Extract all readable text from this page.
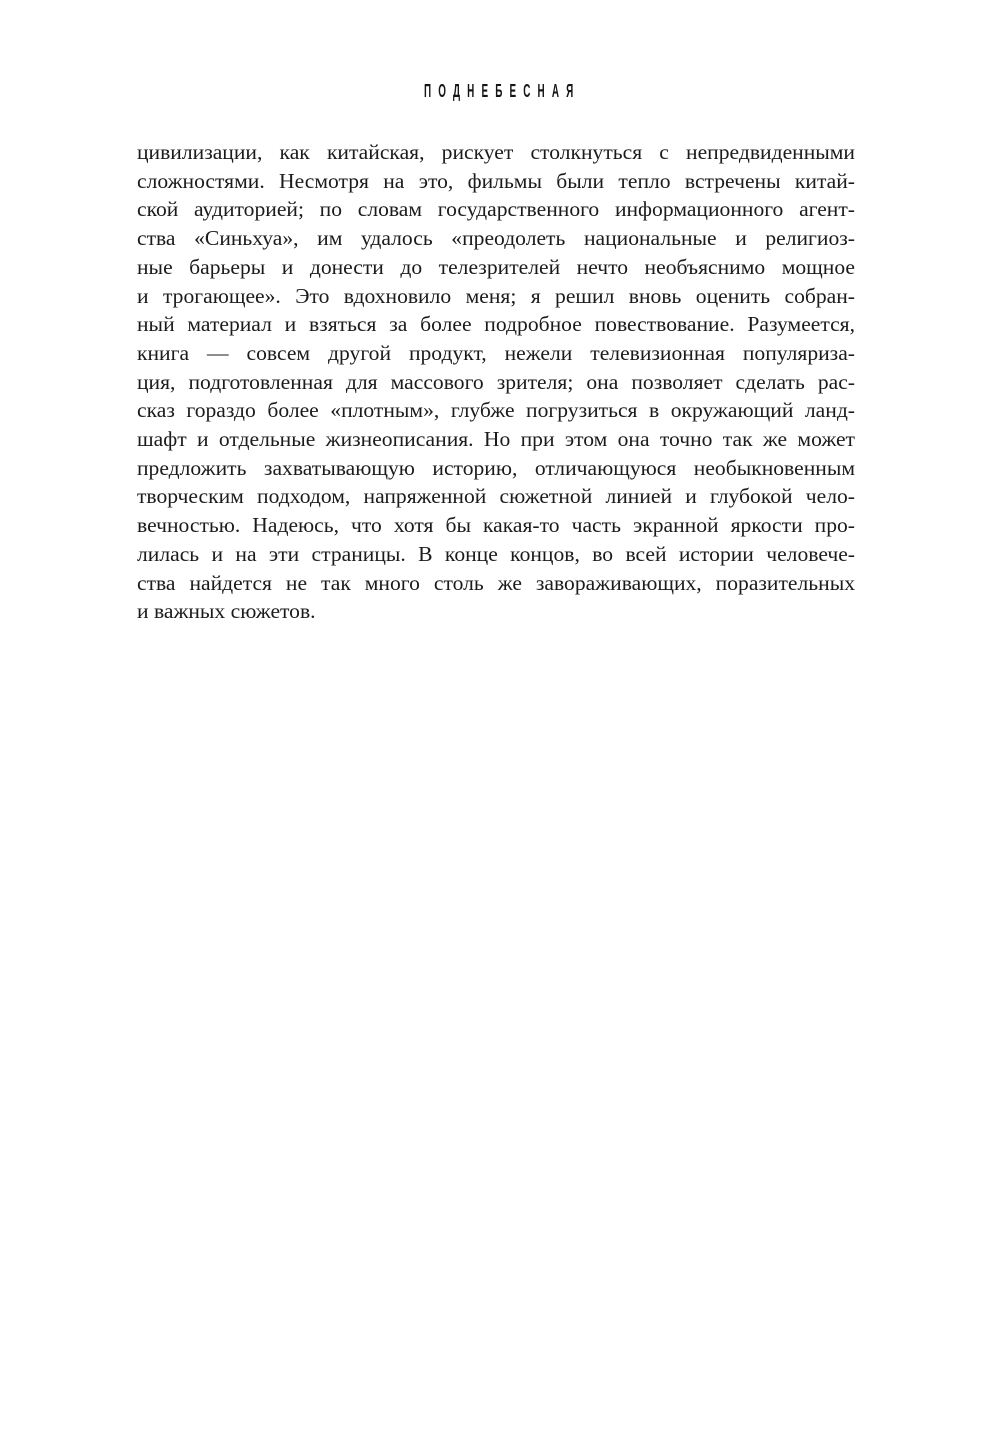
ПОДНЕБЕСНАЯ
цивилизации, как китайская, рискует столкнуться с непредвиденными
сложностями. Несмотря на это, фильмы были тепло встречены китай-
ской аудиторией; по словам государственного информационного агент-
ства «Синьхуа», им удалось «преодолеть национальные и религиоз-
ные барьеры и донести до телезрителей нечто необъяснимо мощное
и трогающее». Это вдохновило меня; я решил вновь оценить собран-
ный материал и взяться за более подробное повествование. Разумеется,
книга — совсем другой продукт, нежели телевизионная популяриза-
ция, подготовленная для массового зрителя; она позволяет сделать рас-
сказ гораздо более «плотным», глубже погрузиться в окружающий ланд-
шафт и отдельные жизнеописания. Но при этом она точно так же может
предложить захватывающую историю, отличающуюся необыкновенным
творческим подходом, напряженной сюжетной линией и глубокой чело-
вечностью. Надеюсь, что хотя бы какая-то часть экранной яркости про-
лилась и на эти страницы. В конце концов, во всей истории человече-
ства найдется не так много столь же завораживающих, поразительных
и важных сюжетов.
